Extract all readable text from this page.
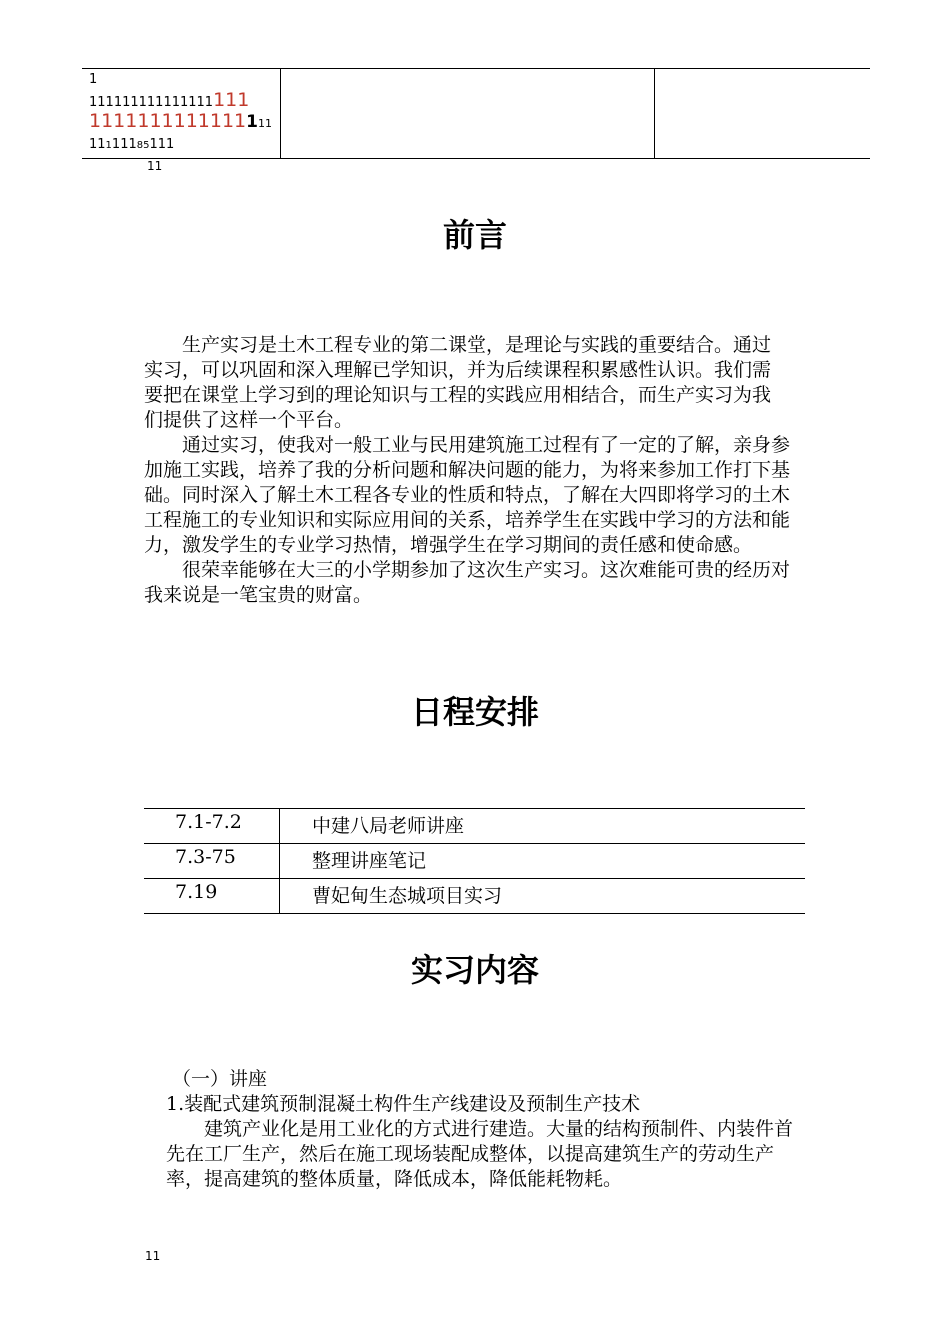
1
111111111111111111
1111111111111111
11111185111
11
前言

生产实习是土木工程专业的第二课堂，是理论与实践的重要结合。通过实习，可以巩固和深入理解已学知识，并为后续课程积累感性认识。我们需要把在课堂上学习到的理论知识与工程的实践应用相结合，而生产实习为我们提供了这样一个平台。

通过实习，使我对一般工业与民用建筑施工过程有了一定的了解，亲身参加施工实践，培养了我的分析问题和解决问题的能力，为将来参加工作打下基础。同时深入了解土木工程各专业的性质和特点，了解在大四即将学习的土木工程施工的专业知识和实际应用间的关系，培养学生在实践中学习的方法和能力，激发学生的专业学习热情，增强学生在学习期间的责任感和使命感。

很荣幸能够在大三的小学期参加了这次生产实习。这次难能可贵的经历对我来说是一笔宝贵的财富。

日程安排
7.1-7.2	中建八局老师讲座
7.3-75	整理讲座笔记
7.19	曹妃甸生态城项目实习
实习内容

（一）讲座

1.装配式建筑预制混凝土构件生产线建设及预制生产技术

建筑产业化是用工业化的方式进行建造。大量的结构预制件、内装件首先在工厂生产，然后在施工现场装配成整体，以提高建筑生产的劳动生产率，提高建筑的整体质量，降低成本，降低能耗物耗。

11
